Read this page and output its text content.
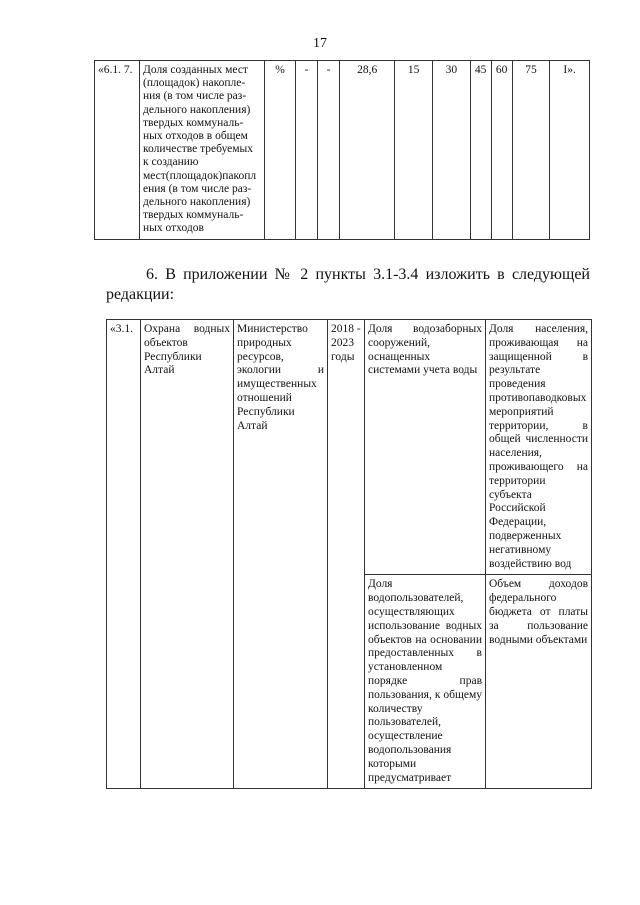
17
«6.1. 7.	Доля созданных мест (площадок) накопле-ния (в том числе раз-дельного накопления) твердых коммуналь-ных отходов в общем количестве требуемых к созданию мест(площадок)пакопл ения (в том числе раз-дельного накопления) твердых коммуналь-ных отходов	%	-	-	28,6	15	30	45	60	75	I».
6. В приложении № 2 пункты 3.1-3.4 изложить в следующей редакции:
«3.1.	Охрана водных объектов Республики Алтай	Министерство природных ресурсов, экологии и имущественных отношений Республики Алтай	2018 - 2023 годы	Доля водозаборных сооружений, оснащенных системами учета воды	Доля населения, проживающая на защищенной в результате проведения противопаводковых мероприятий территории, в общей численности населения, проживающего на территории субъекта Российской Федерации, подверженных негативному воздействию вод
				Доля водопользователей, осуществляющих использование водных объектов на основании предоставленных в установленном порядке прав пользования, к общему количеству пользователей, осуществление водопользования которыми предусматривает	Объем доходов федерального бюджета от платы за пользование водными объектами
